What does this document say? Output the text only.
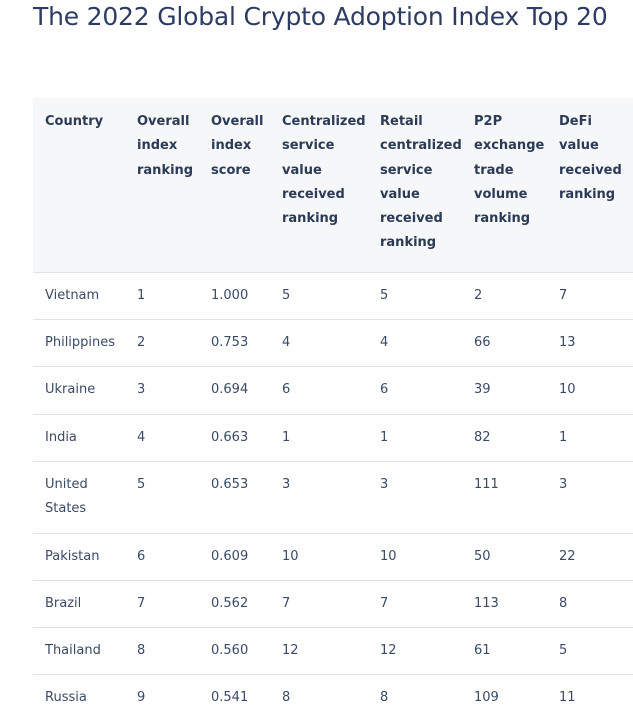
The 2022 Global Crypto Adoption Index Top 20
Country	Overall index ranking	Overall index score	Centralized service value received ranking	Retail centralized service value received ranking	P2P exchange trade volume ranking	DeFi value received ranking
Vietnam	1	1.000	5	5	2	7
Philippines	2	0.753	4	4	66	13
Ukraine	3	0.694	6	6	39	10
India	4	0.663	1	1	82	1
United States	5	0.653	3	3	111	3
Pakistan	6	0.609	10	10	50	22
Brazil	7	0.562	7	7	113	8
Thailand	8	0.560	12	12	61	5
Russia	9	0.541	8	8	109	11
